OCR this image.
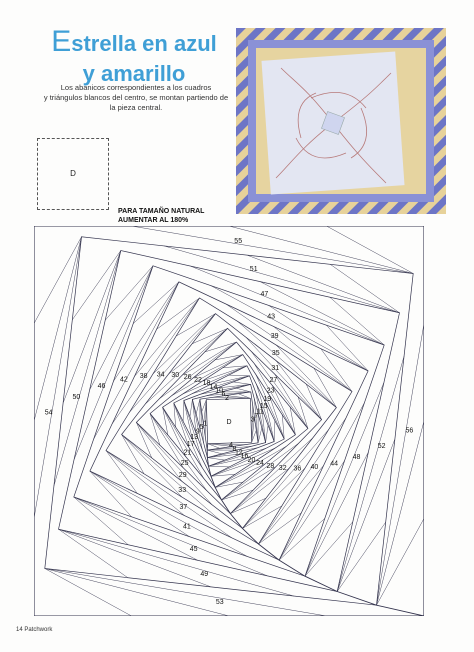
Estrella en azul
y amarillo
Los abanicos correspondientes a los cuadros
y triángulos blancos del centro, se montan partiendo de
la pieza central.
D
PARA TAMAÑO NATURAL
AUMENTAR AL 180%
D
1
2
3
4
5
6
7
8
9
10
11
12
13
14
15
16
17
18
19
20
21
22
23
24
25
26	27
28
29
30
31
32
33
34
35
36
37
38
39
40
41
42
43
44
45
46
47
48
49
50
51
52
53
54
55
56
14 Patchwork
